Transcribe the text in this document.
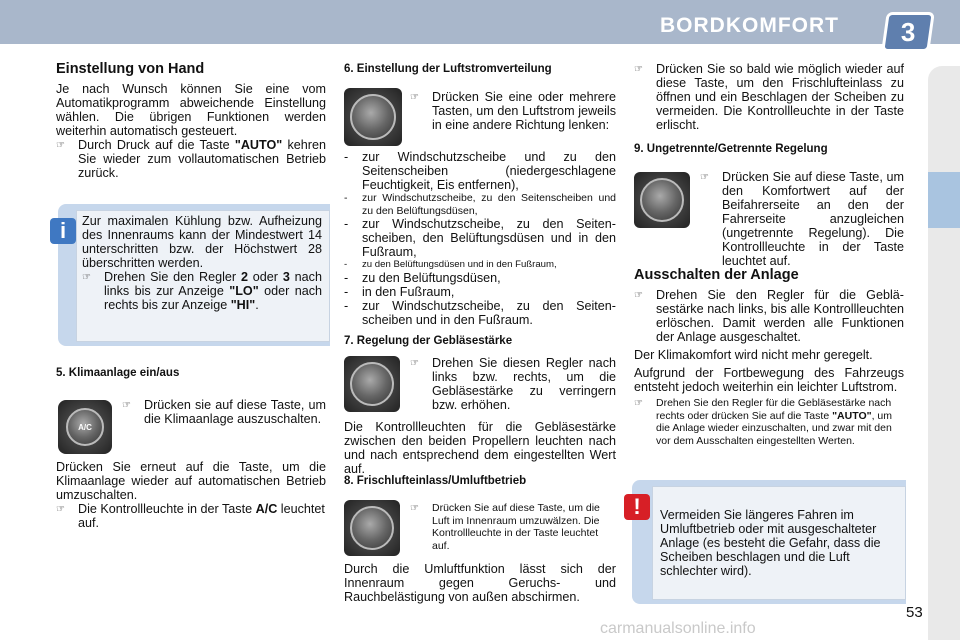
BORDKOMFORT 3
Einstellung von Hand

Je nach Wunsch können Sie eine vom Automatikprogramm abweichende Einstellung wählen. Die übrigen Funktionen werden weiterhin automatisch gesteuert.

☞	Durch Druck auf die Taste "AUTO" kehren Sie wieder zum vollautomatischen Betrieb zurück.
i Zur maximalen Kühlung bzw. Aufheizung des Innenraums kann der Mindestwert 14 unterschritten bzw. der Höchstwert 28 überschritten werden.

☞	Drehen Sie den Regler 2 oder 3 nach links bis zur Anzeige "LO" oder nach rechts bis zur Anzeige "HI".
5. Klimaanlage ein/aus
A/C
☞	Drücken sie auf diese Taste, um die Klimaanlage auszuschalten.

Drücken Sie erneut auf die Taste, um die Klimaanlage wieder auf automatischen Betrieb umzuschalten.

☞	Die Kontrollleuchte in der Taste A/C leuchtet auf.
6. Einstellung der Luftstromverteilung
☞	Drücken Sie eine oder mehrere Tasten, um den Luftstrom jeweils in eine andere Richtung lenken:
-	zur Windschutzscheibe und zu den Seitenscheiben (niedergeschlagene Feuchtigkeit, Eis entfernen),
-	zur Windschutzscheibe, zu den Seitenscheiben und zu den Belüftungsdüsen,
-	zur Windschutzscheibe, zu den Seitenscheiben, den Belüftungsdüsen und in den Fußraum,
-	zu den Belüftungsdüsen und in den Fußraum,
-	zu den Belüftungsdüsen,
-	in den Fußraum,
-	zur Windschutzscheibe, zu den Seitenscheiben und in den Fußraum.
7. Regelung der Gebläsestärke
☞	Drehen Sie diesen Regler nach links bzw. rechts, um die Gebläsestärke zu verringern bzw. erhöhen.

Die Kontrollleuchten für die Gebläsestärke zwischen den beiden Propellern leuchten nach und nach entsprechend dem eingestellten Wert auf.

8. Frischlufteinlass/Umluftbetrieb
☞	Drücken Sie auf diese Taste, um die Luft im Innenraum umzuwälzen. Die Kontrollleuchte in der Taste leuchtet auf.

Durch die Umluftfunktion lässt sich der Innenraum gegen Geruchs- und Rauchbelästigung von außen abschirmen.

☞	Drücken Sie so bald wie möglich wieder auf diese Taste, um den Frischlufteinlass zu öffnen und ein Beschlagen der Scheiben zu vermeiden. Die Kontrollleuchte in der Taste erlischt.
9. Ungetrennte/Getrennte Regelung
☞	Drücken Sie auf diese Taste, um den Komfortwert auf der Beifahrerseite an den der Fahrerseite anzugleichen (ungetrennte Regelung). Die Kontrollleuchte in der Taste leuchtet auf.
Ausschalten der Anlage
☞	Drehen Sie den Regler für die Gebläsestärke nach links, bis alle Kontrollleuchten erlöschen. Damit werden alle Funktionen der Anlage ausgeschaltet.

Der Klimakomfort wird nicht mehr geregelt.

Aufgrund der Fortbewegung des Fahrzeugs entsteht jedoch weiterhin ein leichter Luftstrom.

☞	Drehen Sie den Regler für die Gebläsestärke nach rechts oder drücken Sie auf die Taste "AUTO", um die Anlage wieder einzuschalten, und zwar mit den vor dem Ausschalten eingestellten Werten.
! Vermeiden Sie längeres Fahren im Umluftbetrieb oder mit ausgeschalteter Anlage (es besteht die Gefahr, dass die Scheiben beschlagen und die Luft schlechter wird).

53
carmanualsonline.info
